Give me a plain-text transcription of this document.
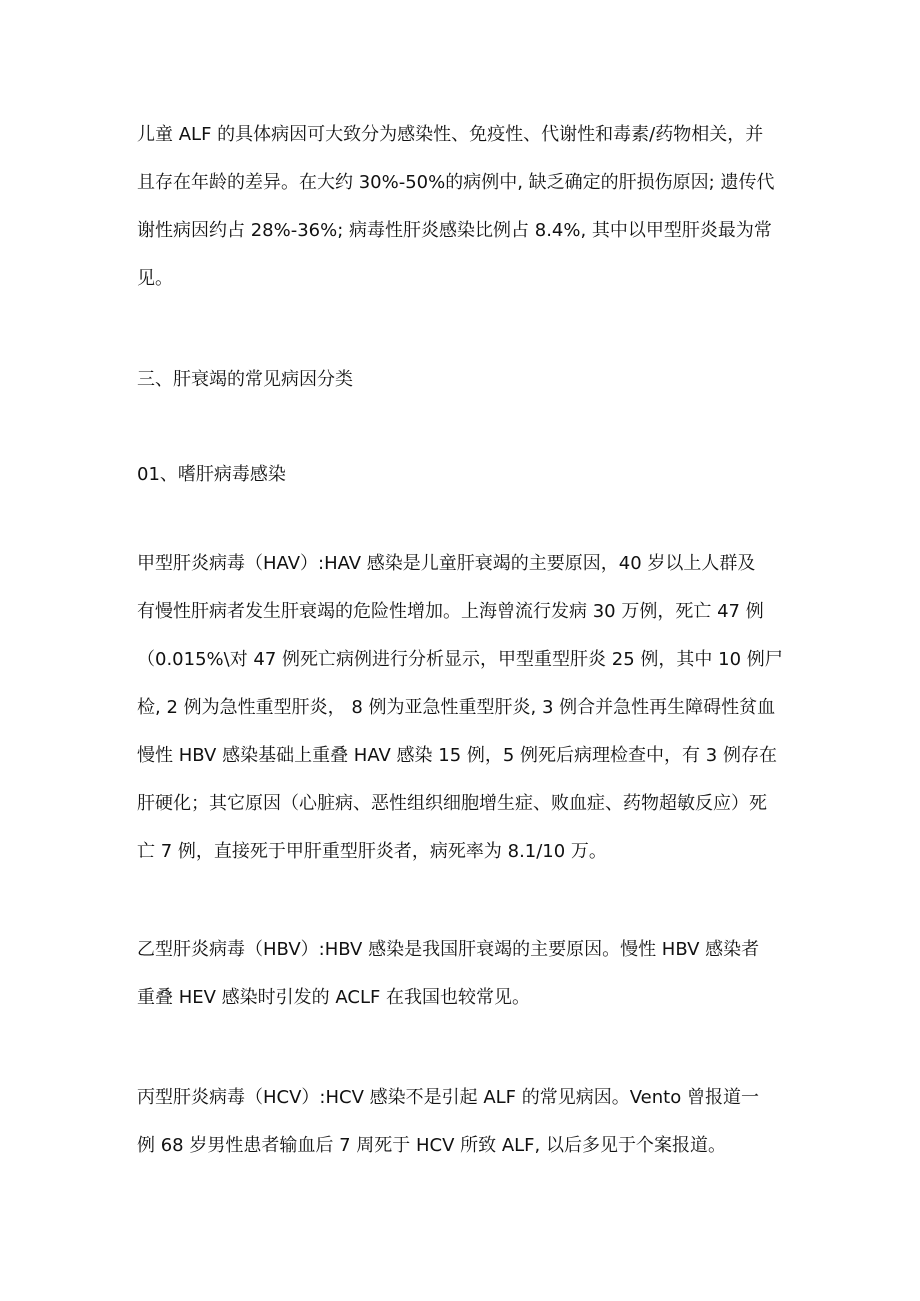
儿童 ALF 的具体病因可大致分为感染性、免疫性、代谢性和毒素/药物相关，并
且存在年龄的差异。在大约 30%-50%的病例中, 缺乏确定的肝损伤原因; 遗传代
谢性病因约占 28%-36%; 病毒性肝炎感染比例占 8.4%, 其中以甲型肝炎最为常
见。
三、肝衰竭的常见病因分类
01、嗜肝病毒感染
甲型肝炎病毒（HAV）:HAV 感染是儿童肝衰竭的主要原因，40 岁以上人群及
有慢性肝病者发生肝衰竭的危险性增加。上海曾流行发病 30 万例，死亡 47 例
（0.015%\对 47 例死亡病例进行分析显示，甲型重型肝炎 25 例，其中 10 例尸
检, 2 例为急性重型肝炎， 8 例为亚急性重型肝炎, 3 例合并急性再生障碍性贫血
慢性 HBV 感染基础上重叠 HAV 感染 15 例，5 例死后病理检查中，有 3 例存在
肝硬化；其它原因（心脏病、恶性组织细胞增生症、败血症、药物超敏反应）死
亡 7 例，直接死于甲肝重型肝炎者，病死率为 8.1/10 万。
乙型肝炎病毒（HBV）:HBV 感染是我国肝衰竭的主要原因。慢性 HBV 感染者
重叠 HEV 感染时引发的 ACLF 在我国也较常见。
丙型肝炎病毒（HCV）:HCV 感染不是引起 ALF 的常见病因。Vento 曾报道一
例 68 岁男性患者输血后 7 周死于 HCV 所致 ALF, 以后多见于个案报道。
